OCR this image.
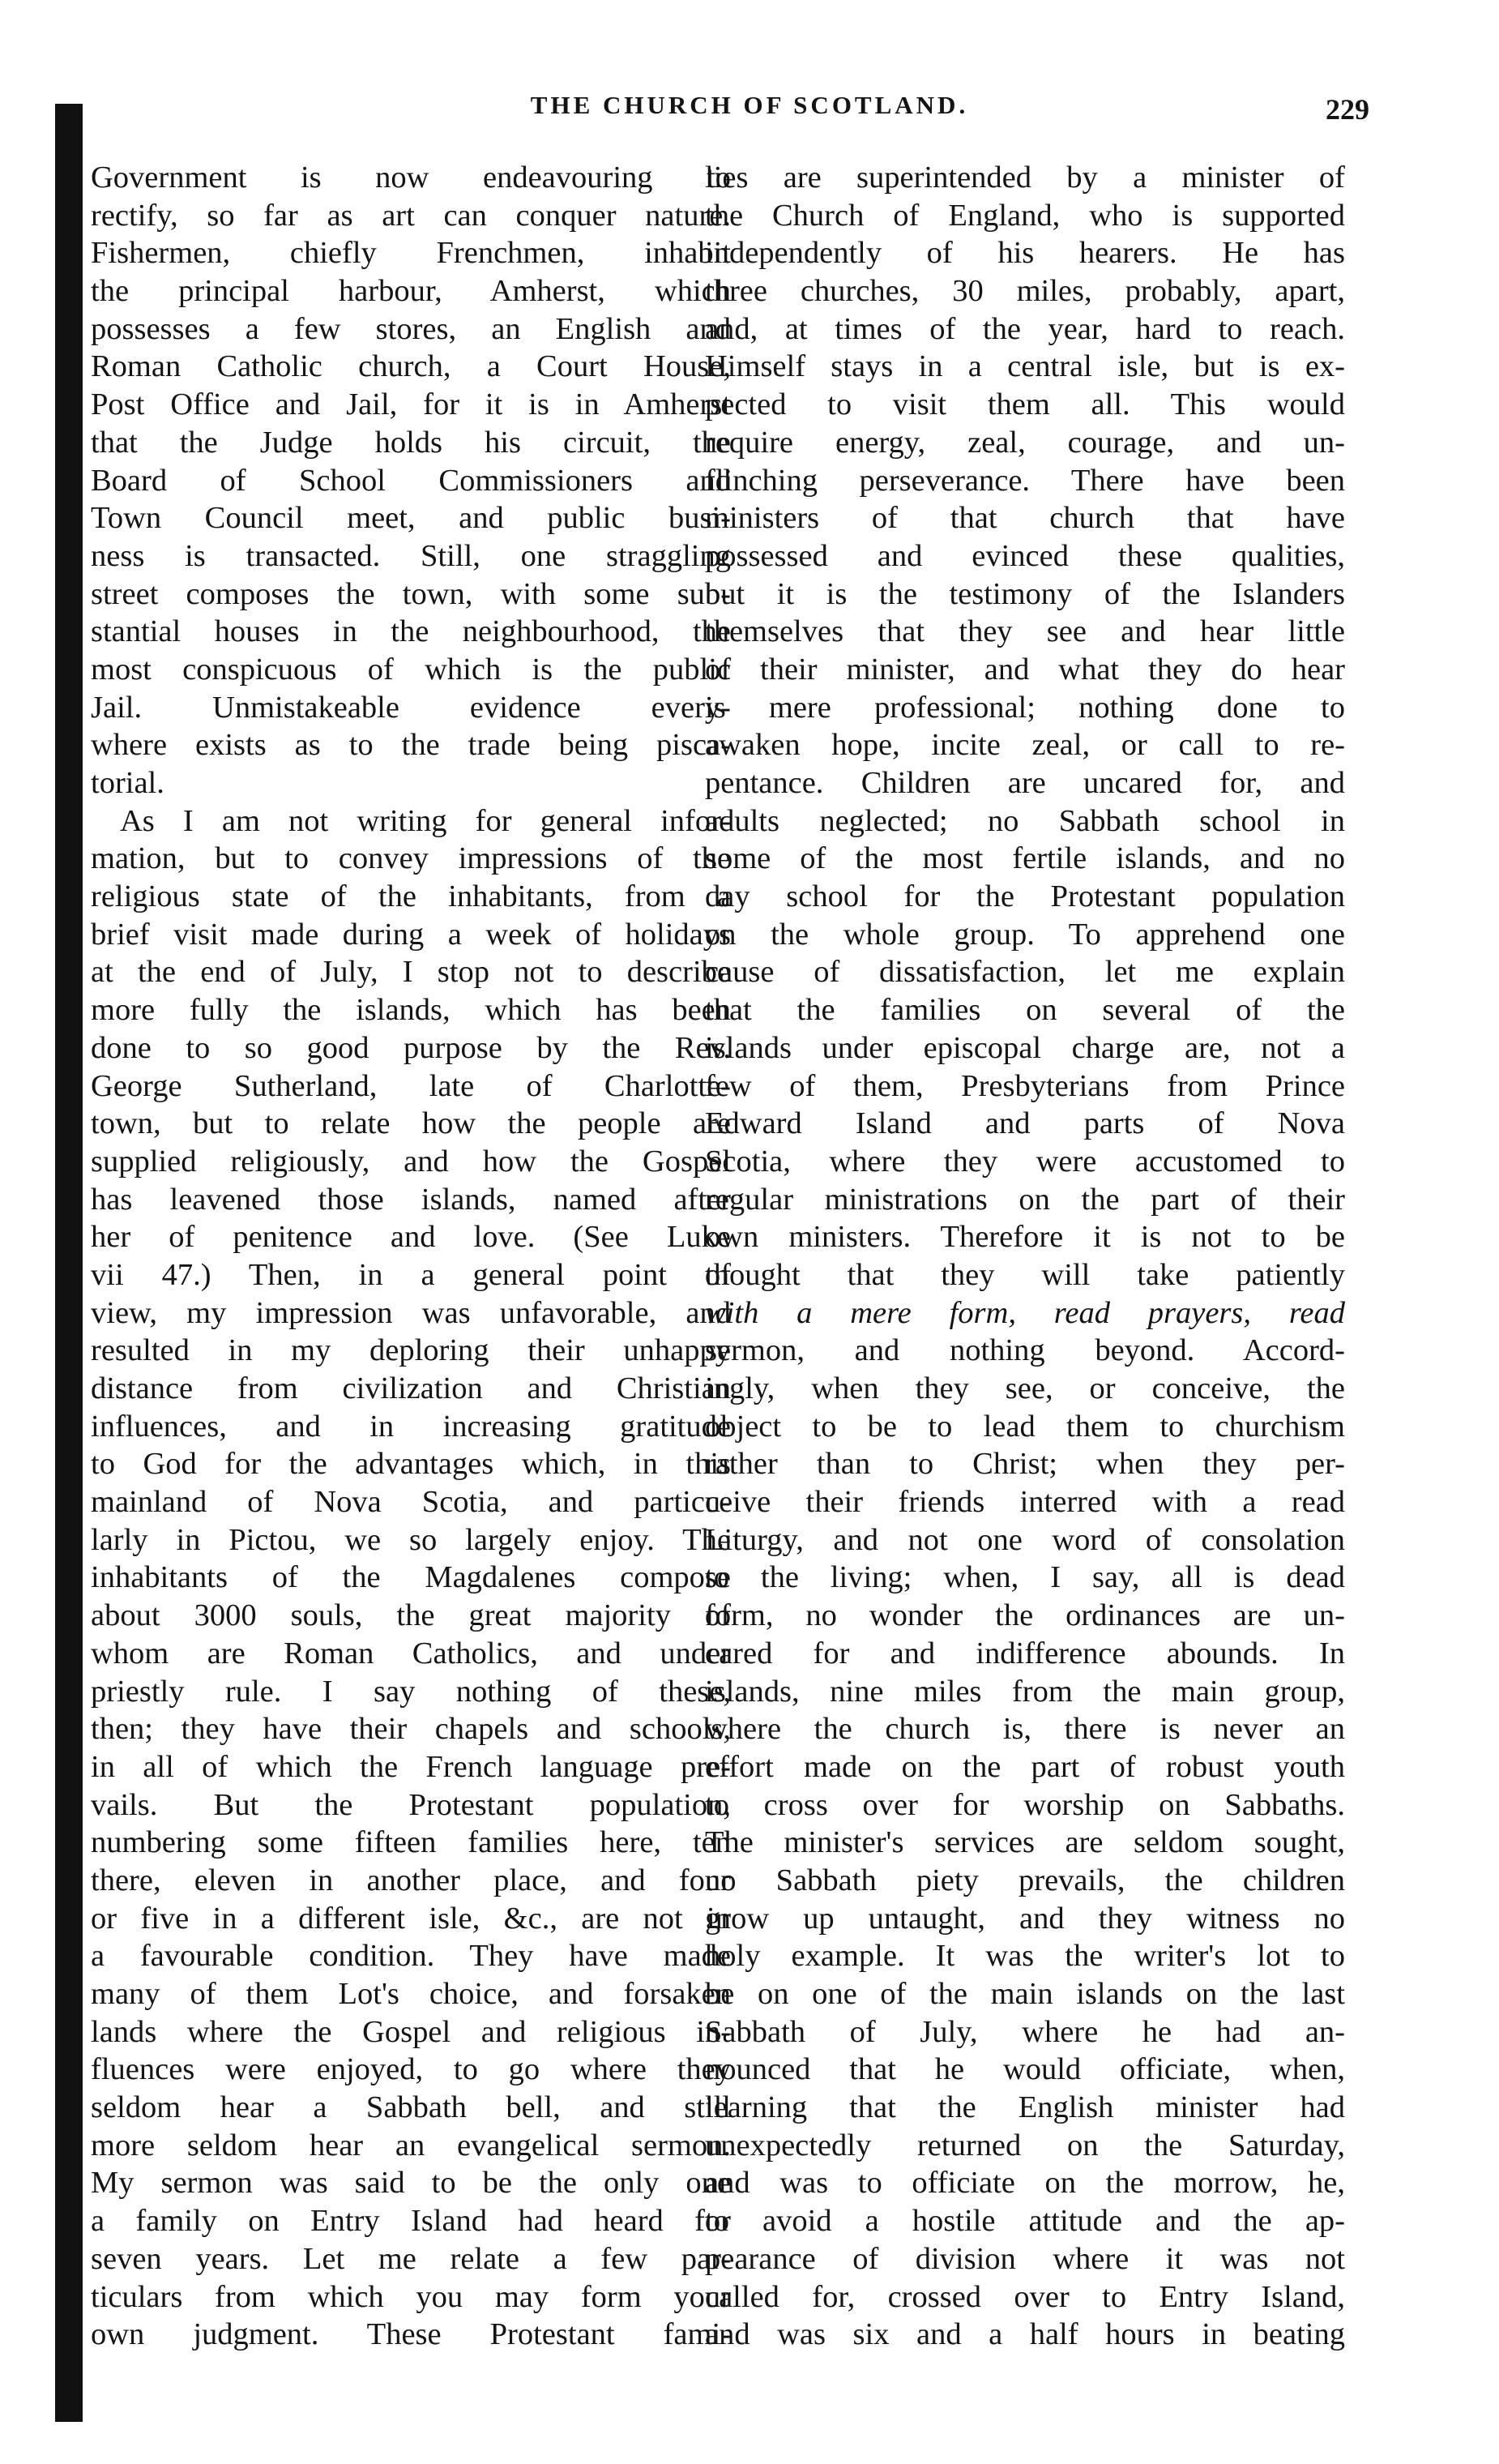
THE CHURCH OF SCOTLAND.	229
Government is now endeavouring to
rectify, so far as art can conquer nature.
Fishermen, chiefly Frenchmen, inhabit
the principal harbour, Amherst, which
possesses a few stores, an English and
Roman Catholic church, a Court House,
Post Office and Jail, for it is in Amherst
that the Judge holds his circuit, the
Board of School Commissioners and
Town Council meet, and public busi-
ness is transacted. Still, one straggling
street composes the town, with some sub-
stantial houses in the neighbourhood, the
most conspicuous of which is the public
Jail. Unmistakeable evidence every-
where exists as to the trade being pisca-
torial.
As I am not writing for general infor-
mation, but to convey impressions of the
religious state of the inhabitants, from a
brief visit made during a week of holidays
at the end of July, I stop not to describe
more fully the islands, which has been
done to so good purpose by the Rev.
George Sutherland, late of Charlotte-
town, but to relate how the people are
supplied religiously, and how the Gospel
has leavened those islands, named after
her of penitence and love. (See Luke
vii 47.) Then, in a general point of
view, my impression was unfavorable, and
resulted in my deploring their unhappy
distance from civilization and Christian
influences, and in increasing gratitude
to God for the advantages which, in this
mainland of Nova Scotia, and particu-
larly in Pictou, we so largely enjoy. The
inhabitants of the Magdalenes compose
about 3000 souls, the great majority of
whom are Roman Catholics, and under
priestly rule. I say nothing of these,
then; they have their chapels and schools,
in all of which the French language pre-
vails. But the Protestant population,
numbering some fifteen families here, ten
there, eleven in another place, and four
or five in a different isle, &c., are not in
a favourable condition. They have made
many of them Lot's choice, and forsaken
lands where the Gospel and religious in-
fluences were enjoyed, to go where they
seldom hear a Sabbath bell, and still
more seldom hear an evangelical sermon.
My sermon was said to be the only one
a family on Entry Island had heard for
seven years. Let me relate a few par-
ticulars from which you may form your
own judgment. These Protestant fami-
lies are superintended by a minister of
the Church of England, who is supported
independently of his hearers. He has
three churches, 30 miles, probably, apart,
and, at times of the year, hard to reach.
Himself stays in a central isle, but is ex-
pected to visit them all. This would
require energy, zeal, courage, and un-
flinching perseverance. There have been
ministers of that church that have
possessed and evinced these qualities,
but it is the testimony of the Islanders
themselves that they see and hear little
of their minister, and what they do hear
is mere professional; nothing done to
awaken hope, incite zeal, or call to re-
pentance. Children are uncared for, and
adults neglected; no Sabbath school in
some of the most fertile islands, and no
day school for the Protestant population
on the whole group. To apprehend one
cause of dissatisfaction, let me explain
that the families on several of the
islands under episcopal charge are, not a
few of them, Presbyterians from Prince
Edward Island and parts of Nova
Scotia, where they were accustomed to
regular ministrations on the part of their
own ministers. Therefore it is not to be
thought that they will take patiently
with a mere form, read prayers, read
sermon, and nothing beyond. Accord-
ingly, when they see, or conceive, the
object to be to lead them to churchism
rather than to Christ; when they per-
ceive their friends interred with a read
Liturgy, and not one word of consolation
to the living; when, I say, all is dead
form, no wonder the ordinances are un-
cared for and indifference abounds. In
islands, nine miles from the main group,
where the church is, there is never an
effort made on the part of robust youth
to cross over for worship on Sabbaths.
The minister's services are seldom sought,
no Sabbath piety prevails, the children
grow up untaught, and they witness no
holy example. It was the writer's lot to
be on one of the main islands on the last
Sabbath of July, where he had an-
nounced that he would officiate, when,
learning that the English minister had
unexpectedly returned on the Saturday,
and was to officiate on the morrow, he,
to avoid a hostile attitude and the ap-
pearance of division where it was not
called for, crossed over to Entry Island,
and was six and a half hours in beating
